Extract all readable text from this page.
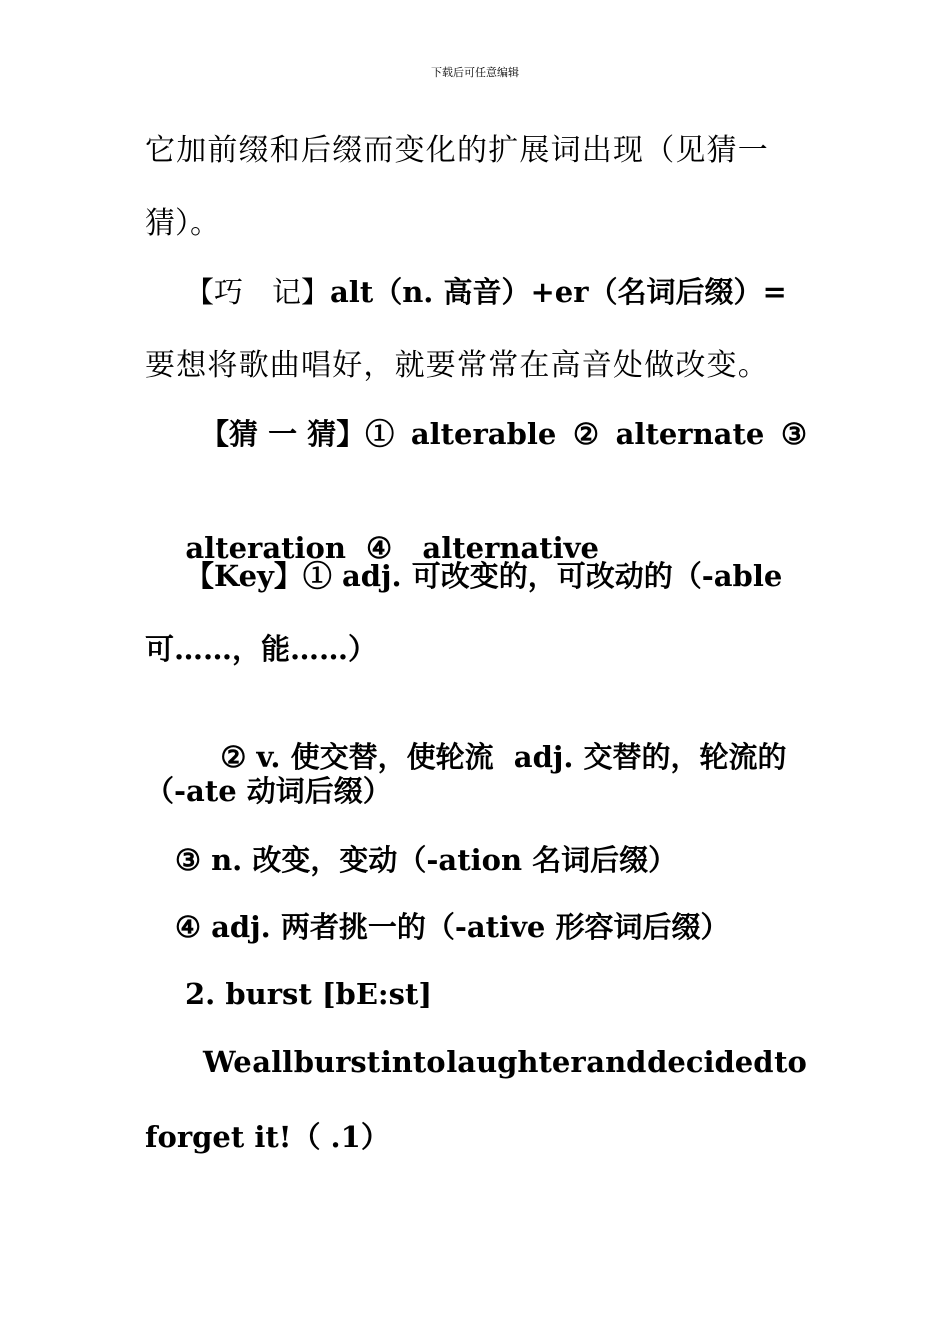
下载后可任意编辑
它加前缀和后缀而变化的扩展词出现（见猜一
猜）。
【巧　记】alt（n. 高音）+er（名词后缀）=
要想将歌曲唱好，就要常常在高音处做改变。
【猜 一 猜】① alterable ② alternate ③

alteration  ④   alternative

【Key】① adj. 可改变的，可改动的（-able
可……，能……）

② v. 使交替，使轮流  adj. 交替的，轮流的

（-ate 动词后缀）
③ n. 改变，变动（-ation 名词后缀）
④ adj. 两者挑一的（-ative 形容词后缀）
2. burst [bE:st]
We all burst into laughter and decided to
forget it!（ .1）
